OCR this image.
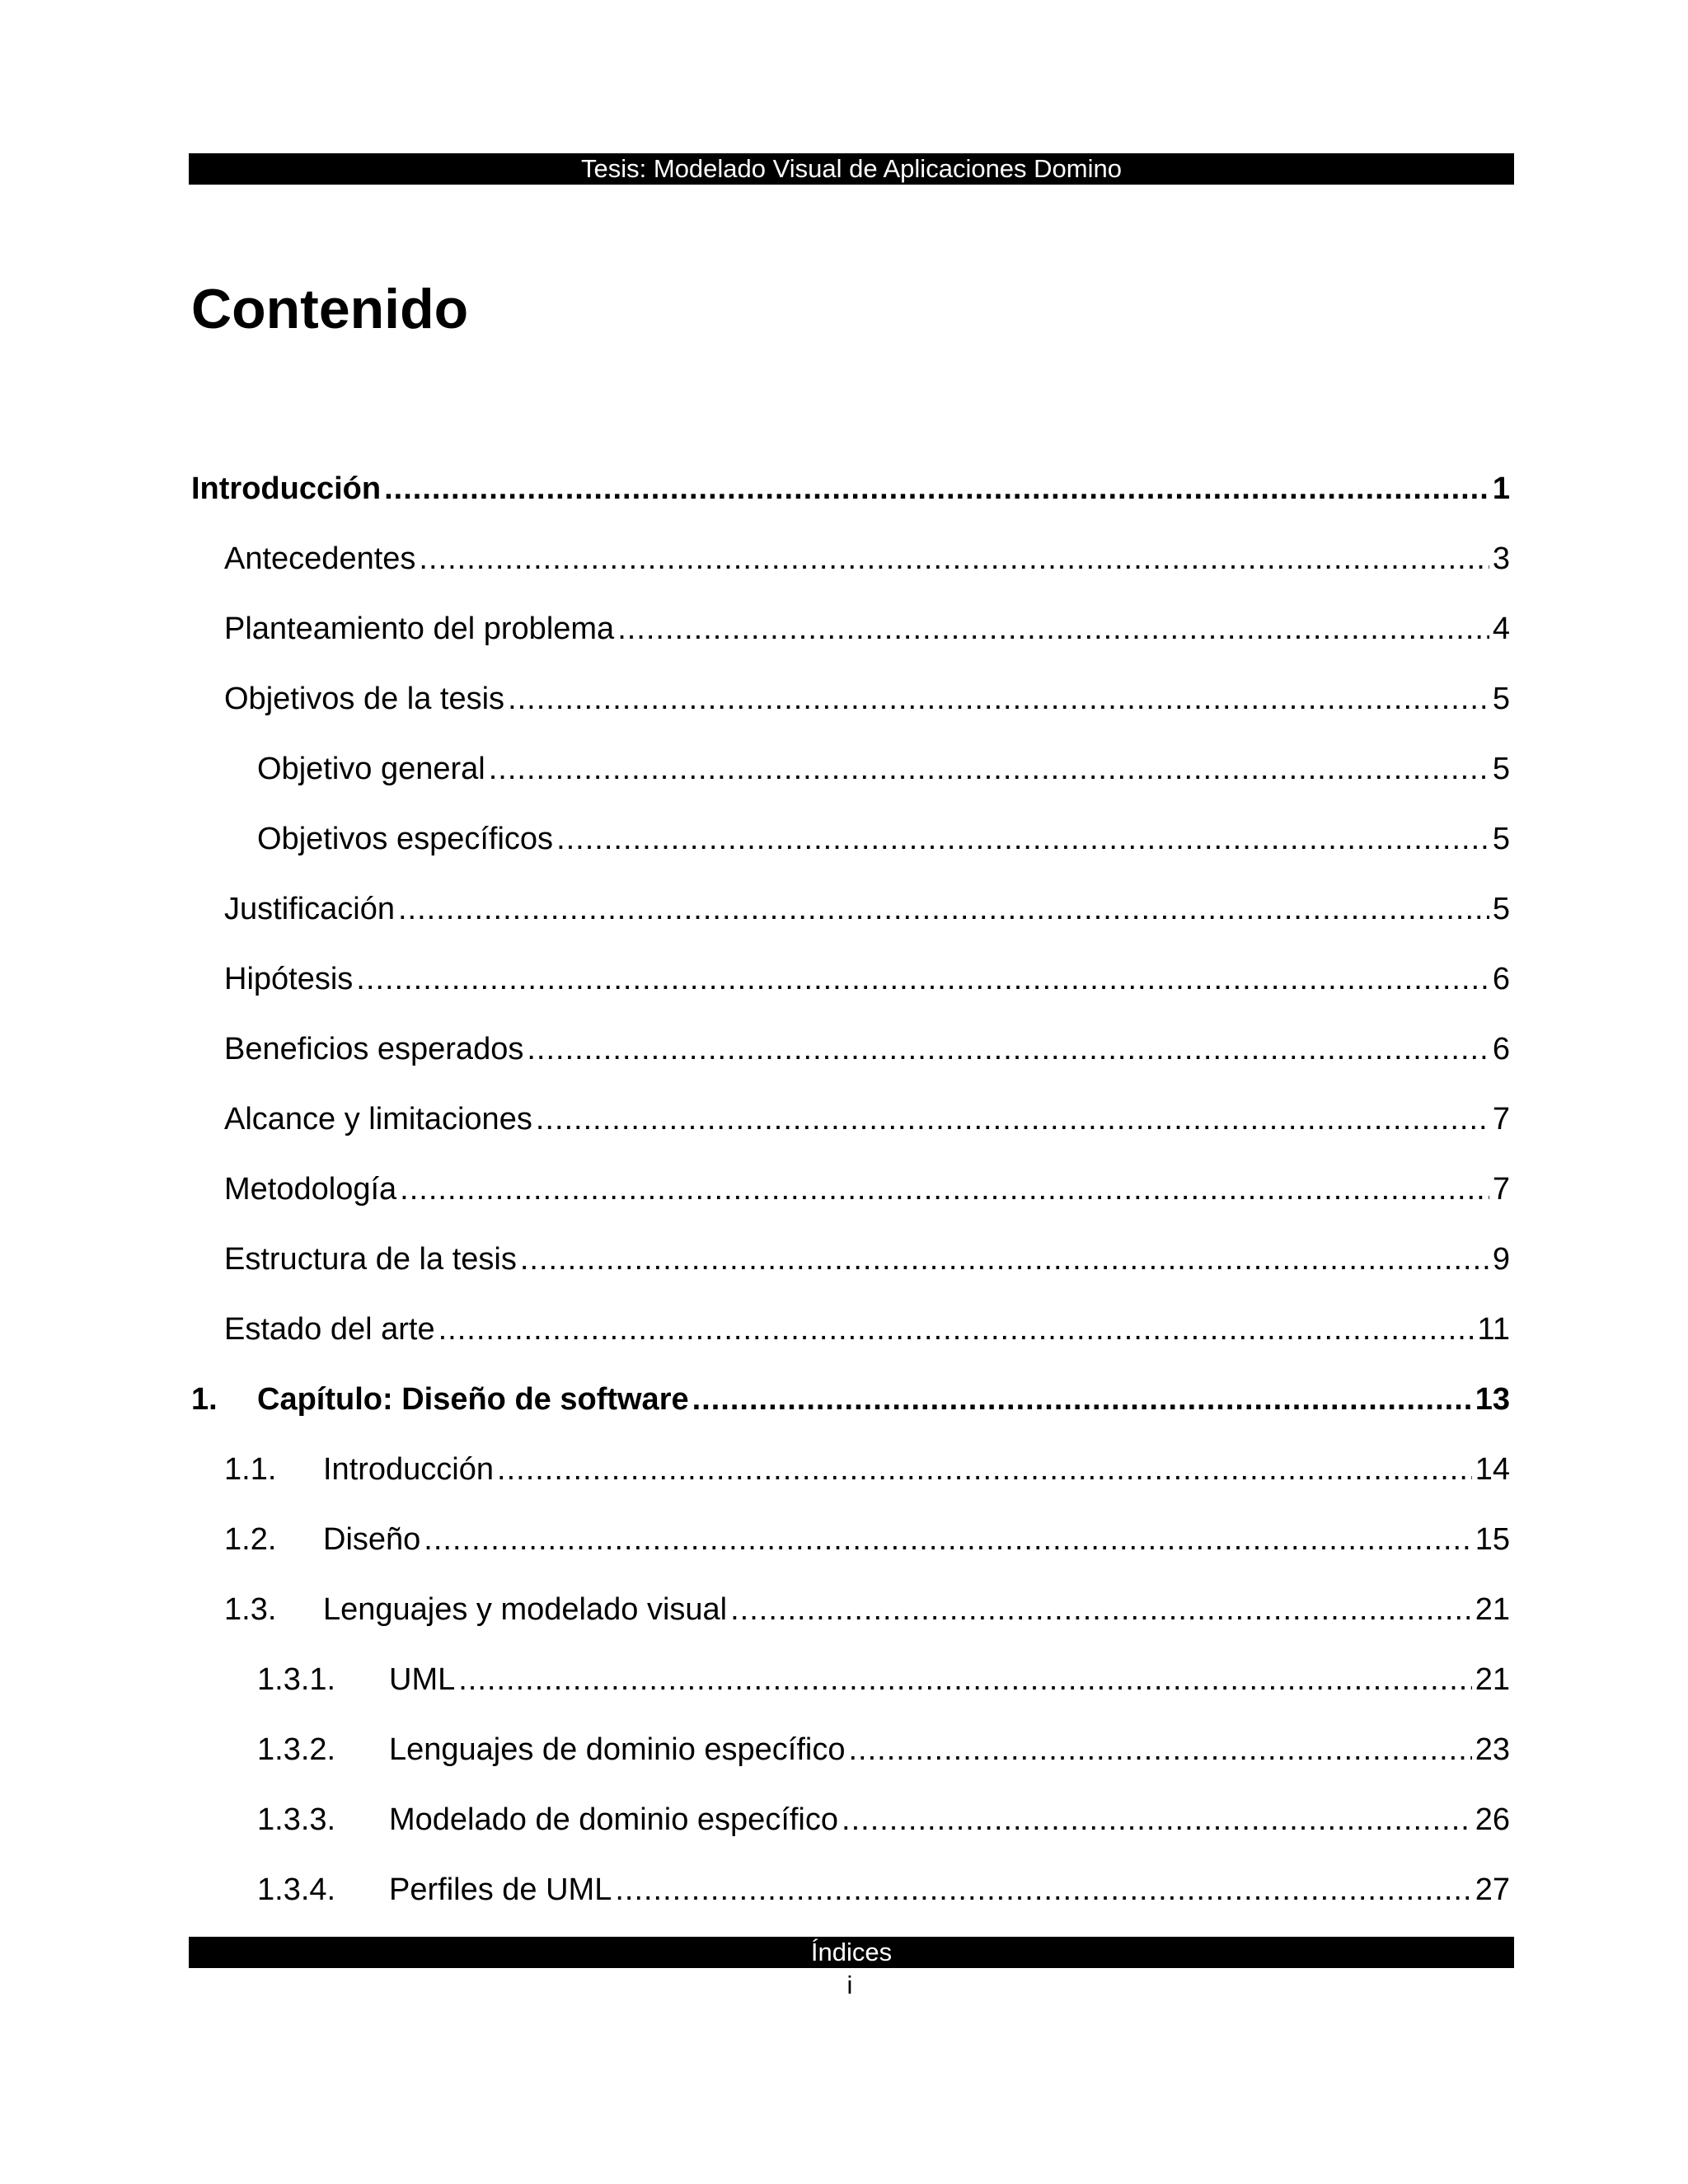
Tesis: Modelado Visual de Aplicaciones Domino
Contenido
Introducción .....	1
Antecedentes .....	3
Planteamiento del problema .....	4
Objetivos de la tesis .....	5
Objetivo general .....	5
Objetivos específicos .....	5
Justificación .....	5
Hipótesis .....	6
Beneficios esperados .....	6
Alcance y limitaciones .....	7
Metodología .....	7
Estructura de la tesis .....	9
Estado del arte .....	11
1.	Capítulo: Diseño de software .....	13
1.1.	Introducción .....	14
1.2.	Diseño .....	15
1.3.	Lenguajes y modelado visual .....	21
1.3.1.	UML .....	21
1.3.2.	Lenguajes de dominio específico .....	23
1.3.3.	Modelado de dominio específico .....	26
1.3.4.	Perfiles de UML .....	27
Índices
i
